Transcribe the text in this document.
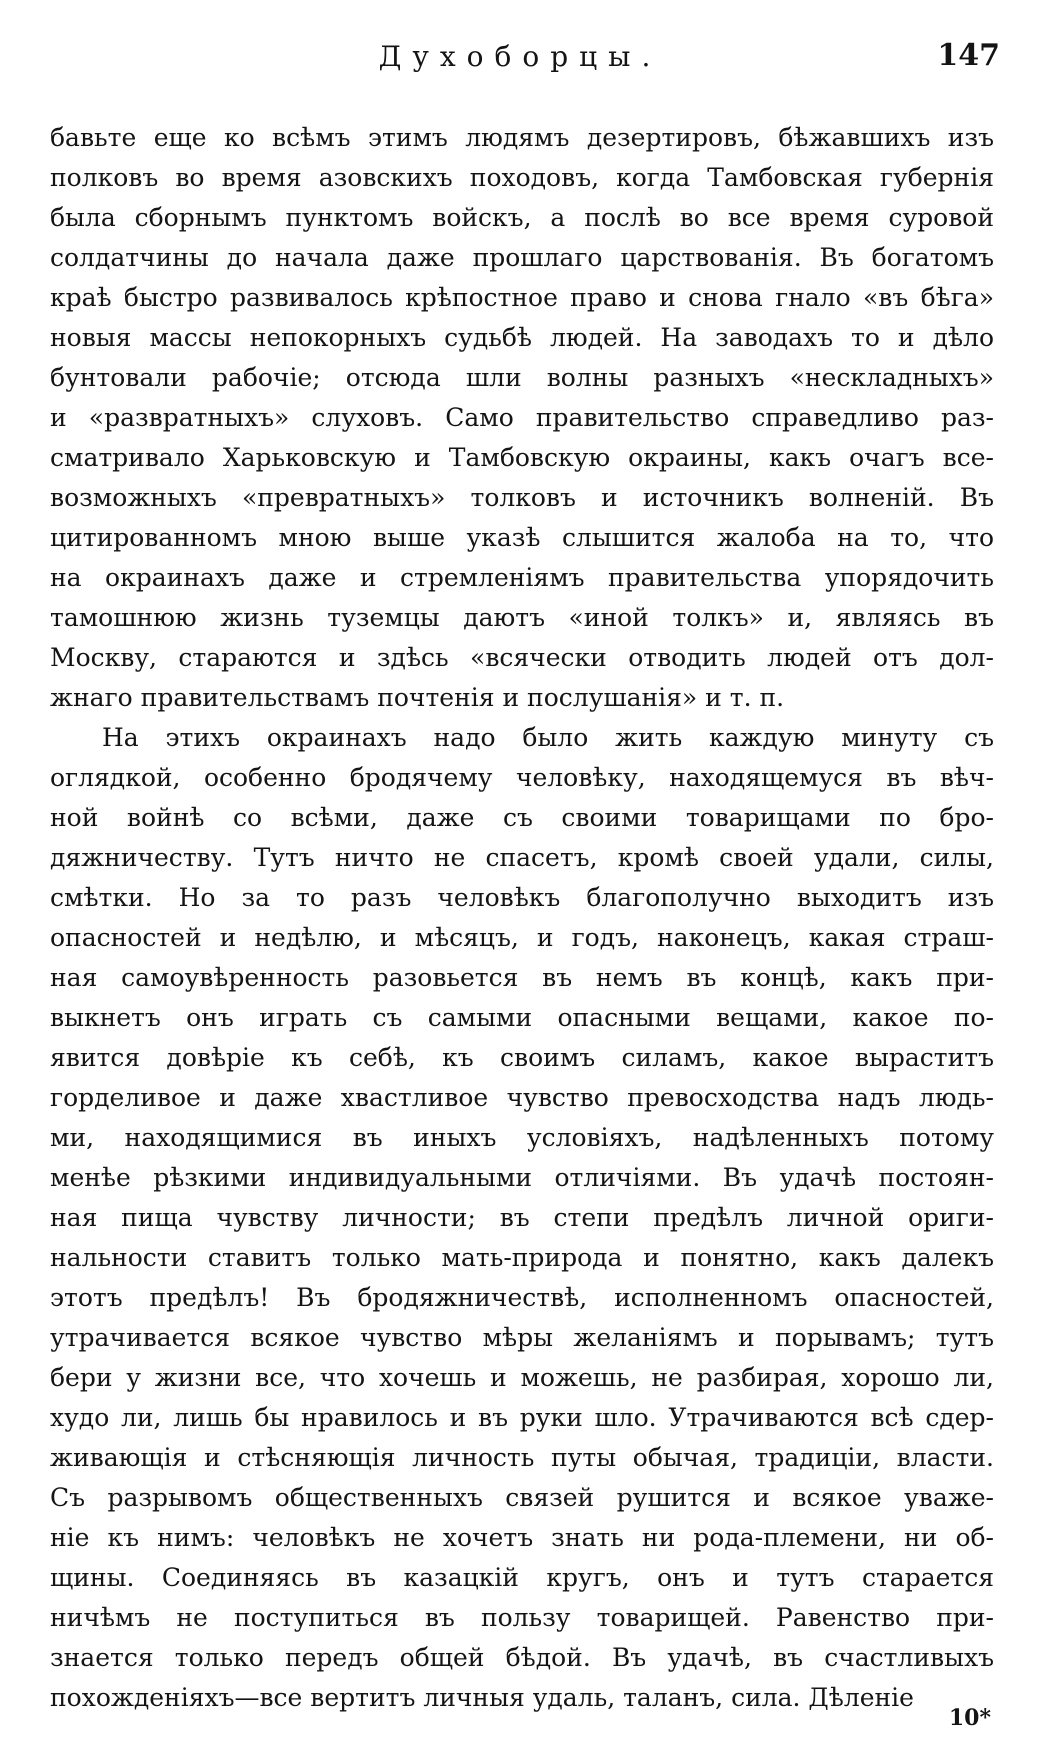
Духоборцы.	147
бавьте еще ко всѣмъ этимъ людямъ дезертировъ, бѣжавшихъ изъ
полковъ во время азовскихъ походовъ, когда Тамбовская губернія
была сборнымъ пунктомъ войскъ, а послѣ во все время суровой
солдатчины до начала даже прошлаго царствованія. Въ богатомъ
краѣ быстро развивалось крѣпостное право и снова гнало «въ бѣга»
новыя массы непокорныхъ судьбѣ людей. На заводахъ то и дѣло
бунтовали рабочіе; отсюда шли волны разныхъ «нескладныхъ»
и «развратныхъ» слуховъ. Само правительство справедливо раз-
сматривало Харьковскую и Тамбовскую окраины, какъ очагъ все-
возможныхъ «превратныхъ» толковъ и источникъ волненій. Въ
цитированномъ мною выше указѣ слышится жалоба на то, что
на окраинахъ даже и стремленіямъ правительства упорядочить
тамошнюю жизнь туземцы даютъ «иной толкъ» и, являясь въ
Москву, стараются и здѣсь «всячески отводить людей отъ дол-
жнаго правительствамъ почтенія и послушанія» и т. п.
На этихъ окраинахъ надо было жить каждую минуту съ
оглядкой, особенно бродячему человѣку, находящемуся въ вѣч-
ной войнѣ со всѣми, даже съ своими товарищами по бро-
дяжничеству. Тутъ ничто не спасетъ, кромѣ своей удали, силы,
смѣтки. Но за то разъ человѣкъ благополучно выходитъ изъ
опасностей и недѣлю, и мѣсяцъ, и годъ, наконецъ, какая страш-
ная самоувѣренность разовьется въ немъ въ концѣ, какъ при-
выкнетъ онъ играть съ самыми опасными вещами, какое по-
явится довѣріе къ себѣ, къ своимъ силамъ, какое выраститъ
горделивое и даже хвастливое чувство превосходства надъ людь-
ми, находящимися въ иныхъ условіяхъ, надѣленныхъ потому
менѣе рѣзкими индивидуальными отличіями. Въ удачѣ постоян-
ная пища чувству личности; въ степи предѣлъ личной ориги-
нальности ставитъ только мать-природа и понятно, какъ далекъ
этотъ предѣлъ! Въ бродяжничествѣ, исполненномъ опасностей,
утрачивается всякое чувство мѣры желаніямъ и порывамъ; тутъ
бери у жизни все, что хочешь и можешь, не разбирая, хорошо ли,
худо ли, лишь бы нравилось и въ руки шло. Утрачиваются всѣ сдер-
живающія и стѣсняющія личность путы обычая, традиціи, власти.
Съ разрывомъ общественныхъ связей рушится и всякое уваже-
ніе къ нимъ: человѣкъ не хочетъ знать ни рода-племени, ни об-
щины. Соединяясь въ казацкій кругъ, онъ и тутъ старается
ничѣмъ не поступиться въ пользу товарищей. Равенство при-
знается только передъ общей бѣдой. Въ удачѣ, въ счастливыхъ
похожденіяхъ—все вертитъ личныя удаль, таланъ, сила. Дѣленіе
10*
